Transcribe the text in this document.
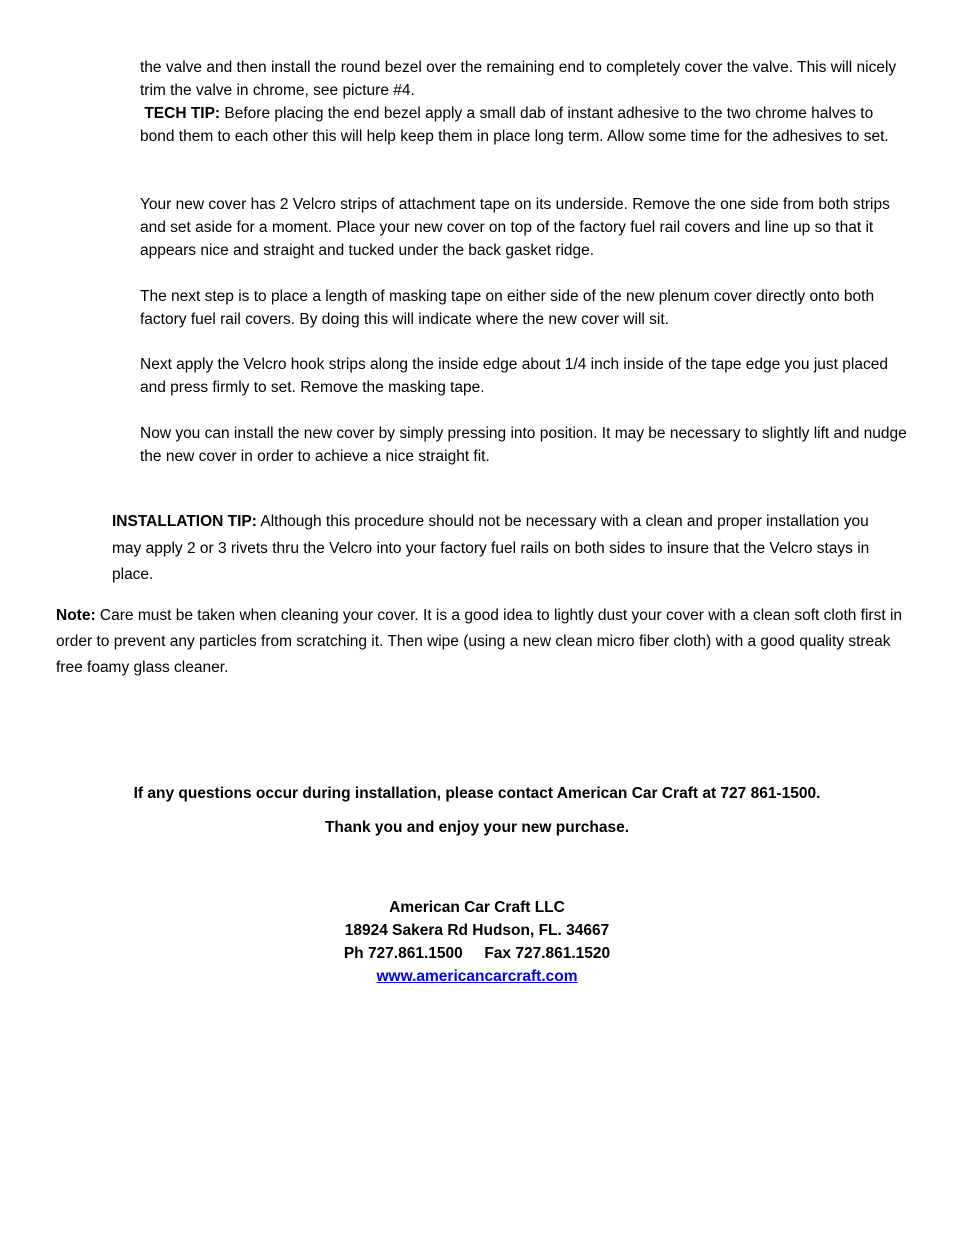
the valve and then install the round bezel over the remaining end to completely cover the valve. This will nicely trim the valve in chrome, see picture #4.

TECH TIP: Before placing the end bezel apply a small dab of instant adhesive to the two chrome halves to bond them to each other this will help keep them in place long term. Allow some time for the adhesives to set.

Your new cover has 2 Velcro strips of attachment tape on its underside. Remove the one side from both strips and set aside for a moment. Place your new cover on top of the factory fuel rail covers and line up so that it appears nice and straight and tucked under the back gasket ridge.

The next step is to place a length of masking tape on either side of the new plenum cover directly onto both factory fuel rail covers. By doing this will indicate where the new cover will sit.

Next apply the Velcro hook strips along the inside edge about 1/4 inch inside of the tape edge you just placed and press firmly to set. Remove the masking tape.

Now you can install the new cover by simply pressing into position. It may be necessary to slightly lift and nudge the new cover in order to achieve a nice straight fit.

INSTALLATION TIP: Although this procedure should not be necessary with a clean and proper installation you may apply 2 or 3 rivets thru the Velcro into your factory fuel rails on both sides to insure that the Velcro stays in place.

Note: Care must be taken when cleaning your cover. It is a good idea to lightly dust your cover with a clean soft cloth first in order to prevent any particles from scratching it. Then wipe (using a new clean micro fiber cloth) with a good quality streak free foamy glass cleaner.

If any questions occur during installation, please contact American Car Craft at 727 861-1500.
Thank you and enjoy your new purchase.

American Car Craft LLC

18924 Sakera Rd Hudson, FL. 34667

Ph 727.861.1500 Fax 727.861.1520

www.americancarcraft.com
